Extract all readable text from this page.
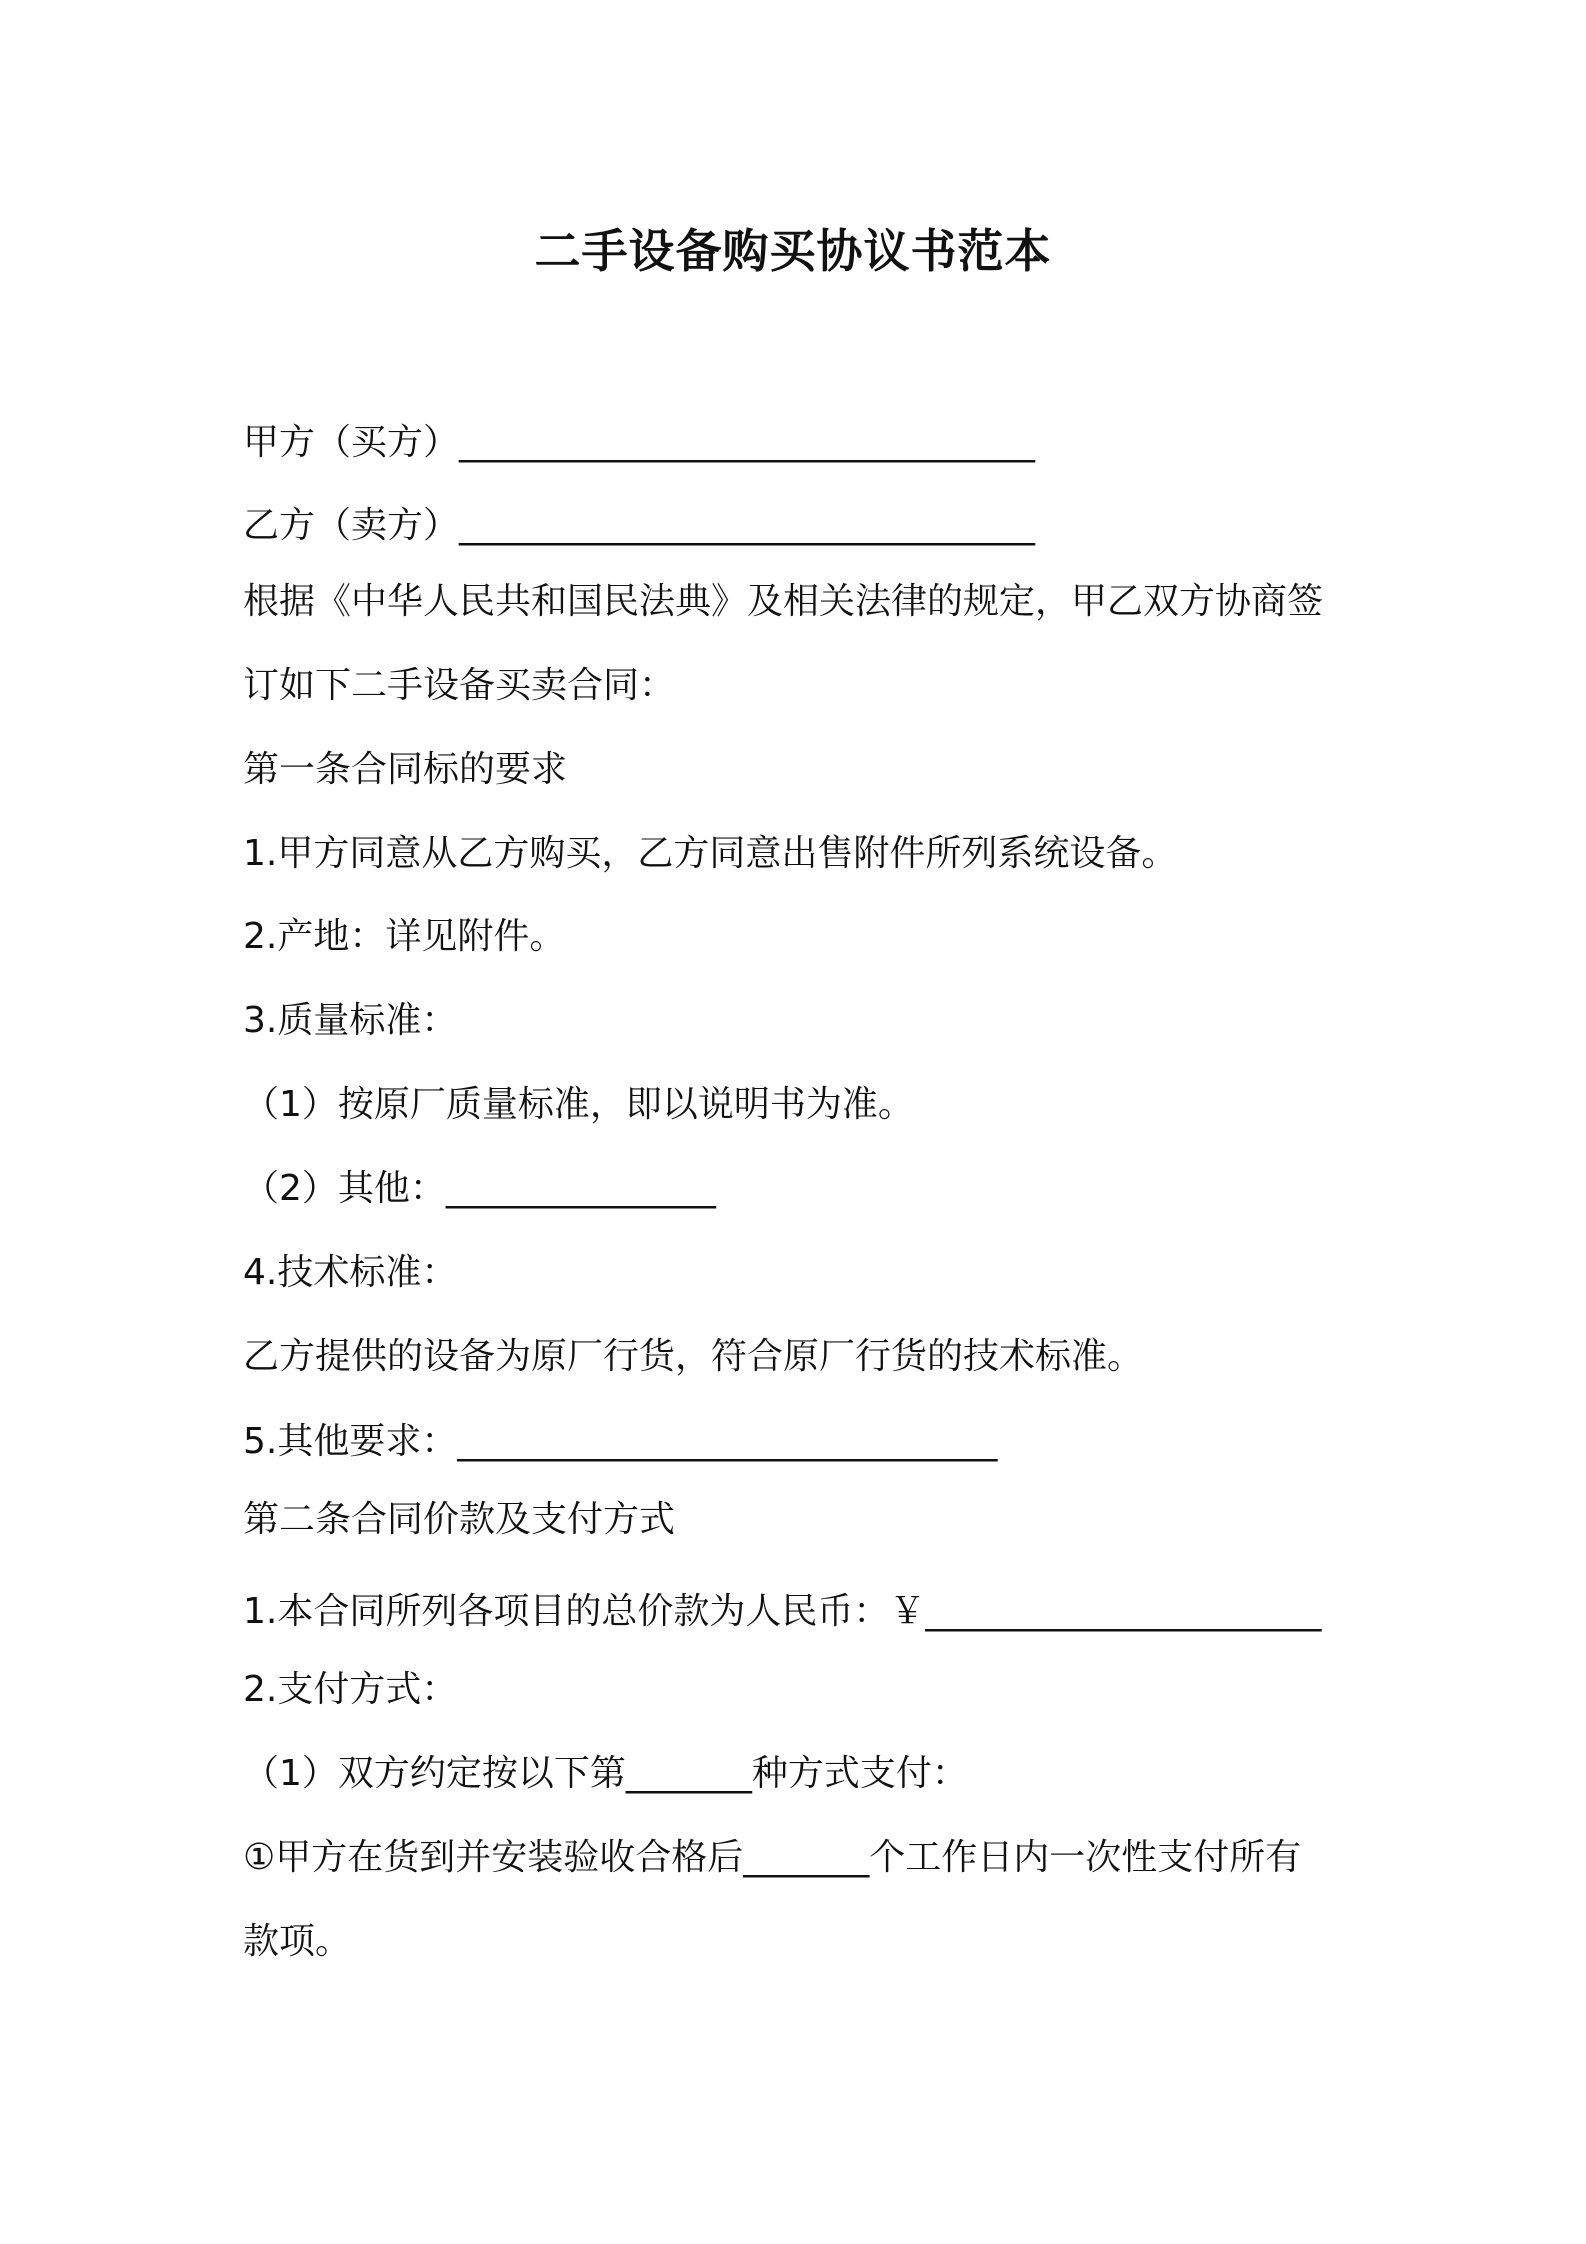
二手设备购买协议书范本
甲方（买方）________________________________
乙方（卖方）________________________________
根据《中华人民共和国民法典》及相关法律的规定，甲乙双方协商签
订如下二手设备买卖合同：
第一条合同标的要求
1.甲方同意从乙方购买，乙方同意出售附件所列系统设备。
2.产地：详见附件。
3.质量标准：
（1）按原厂质量标准，即以说明书为准。
（2）其他：_______________
4.技术标准：
乙方提供的设备为原厂行货，符合原厂行货的技术标准。
5.其他要求：______________________________
第二条合同价款及支付方式
1.本合同所列各项目的总价款为人民币：￥______________________
2.支付方式：
（1）双方约定按以下第_______种方式支付：
①甲方在货到并安装验收合格后_______个工作日内一次性支付所有
款项。
